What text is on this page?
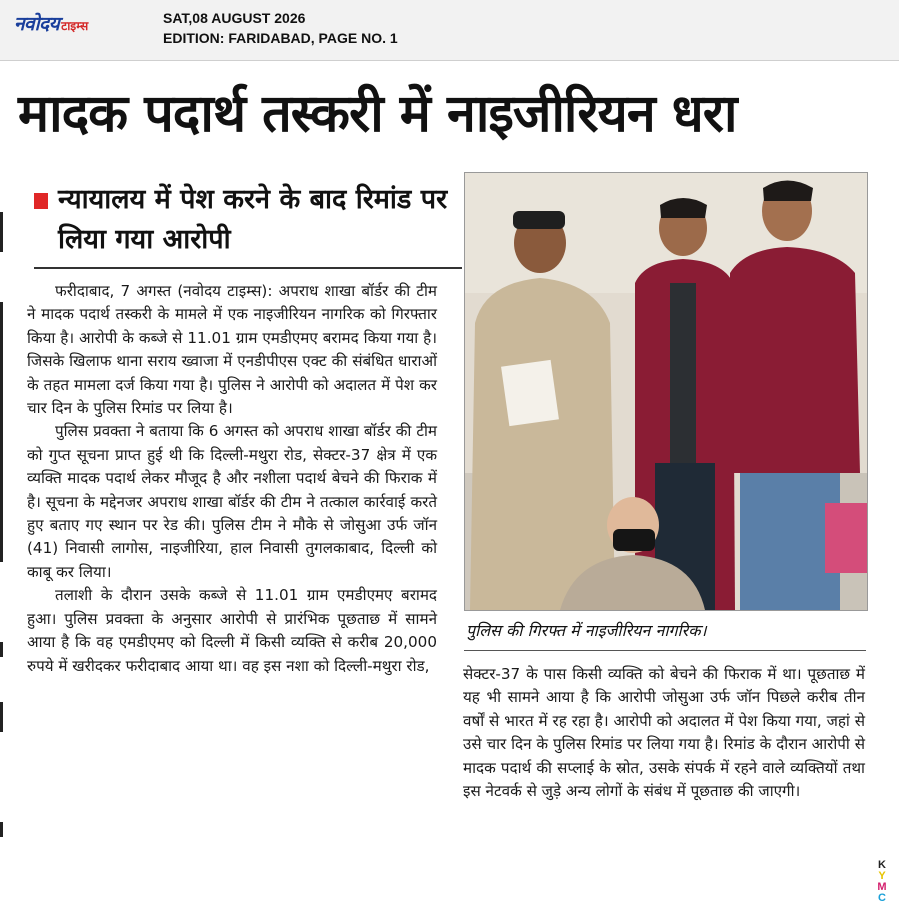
नवोदय टाइम्स	SAT,08 AUGUST 2026
EDITION: FARIDABAD, PAGE NO. 1
मादक पदार्थ तस्करी में नाइजीरियन धरा
न्यायालय में पेश करने के बाद रिमांड पर लिया गया आरोपी

फरीदाबाद, 7 अगस्त (नवोदय टाइम्स): अपराध शाखा बॉर्डर की टीम ने मादक पदार्थ तस्करी के मामले में एक नाइजीरियन नागरिक को गिरफ्तार किया है। आरोपी के कब्जे से 11.01 ग्राम एमडीएमए बरामद किया गया है। जिसके खिलाफ थाना सराय ख्वाजा में एनडीपीएस एक्ट की संबंधित धाराओं के तहत मामला दर्ज किया गया है। पुलिस ने आरोपी को अदालत में पेश कर चार दिन के पुलिस रिमांड पर लिया है।

पुलिस प्रवक्ता ने बताया कि 6 अगस्त को अपराध शाखा बॉर्डर की टीम को गुप्त सूचना प्राप्त हुई थी कि दिल्ली-मथुरा रोड, सेक्टर-37 क्षेत्र में एक व्यक्ति मादक पदार्थ लेकर मौजूद है और नशीला पदार्थ बेचने की फिराक में है। सूचना के मद्देनजर अपराध शाखा बॉर्डर की टीम ने तत्काल कार्रवाई करते हुए बताए गए स्थान पर रेड की। पुलिस टीम ने मौके से जोसुआ उर्फ जॉन (41) निवासी लागोस, नाइजीरिया, हाल निवासी तुगलकाबाद, दिल्ली को काबू कर लिया।

तलाशी के दौरान उसके कब्जे से 11.01 ग्राम एमडीएमए बरामद हुआ। पुलिस प्रवक्ता के अनुसार आरोपी से प्रारंभिक पूछताछ में सामने आया है कि वह एमडीएमए को दिल्ली में किसी व्यक्ति से करीब 20,000 रुपये में खरीदकर फरीदाबाद आया था। वह इस नशा को दिल्ली-मथुरा रोड,

पुलिस की गिरफ्त में नाइजीरियन नागरिक।

सेक्टर-37 के पास किसी व्यक्ति को बेचने की फिराक में था। पूछताछ में यह भी सामने आया है कि आरोपी जोसुआ उर्फ जॉन पिछले करीब तीन वर्षों से भारत में रह रहा है। आरोपी को अदालत में पेश किया गया, जहां से उसे चार दिन के पुलिस रिमांड पर लिया गया है। रिमांड के दौरान आरोपी से मादक पदार्थ की सप्लाई के स्रोत, उसके संपर्क में रहने वाले व्यक्तियों तथा इस नेटवर्क से जुड़े अन्य लोगों के संबंध में पूछताछ की जाएगी।

K
Y
M
C
